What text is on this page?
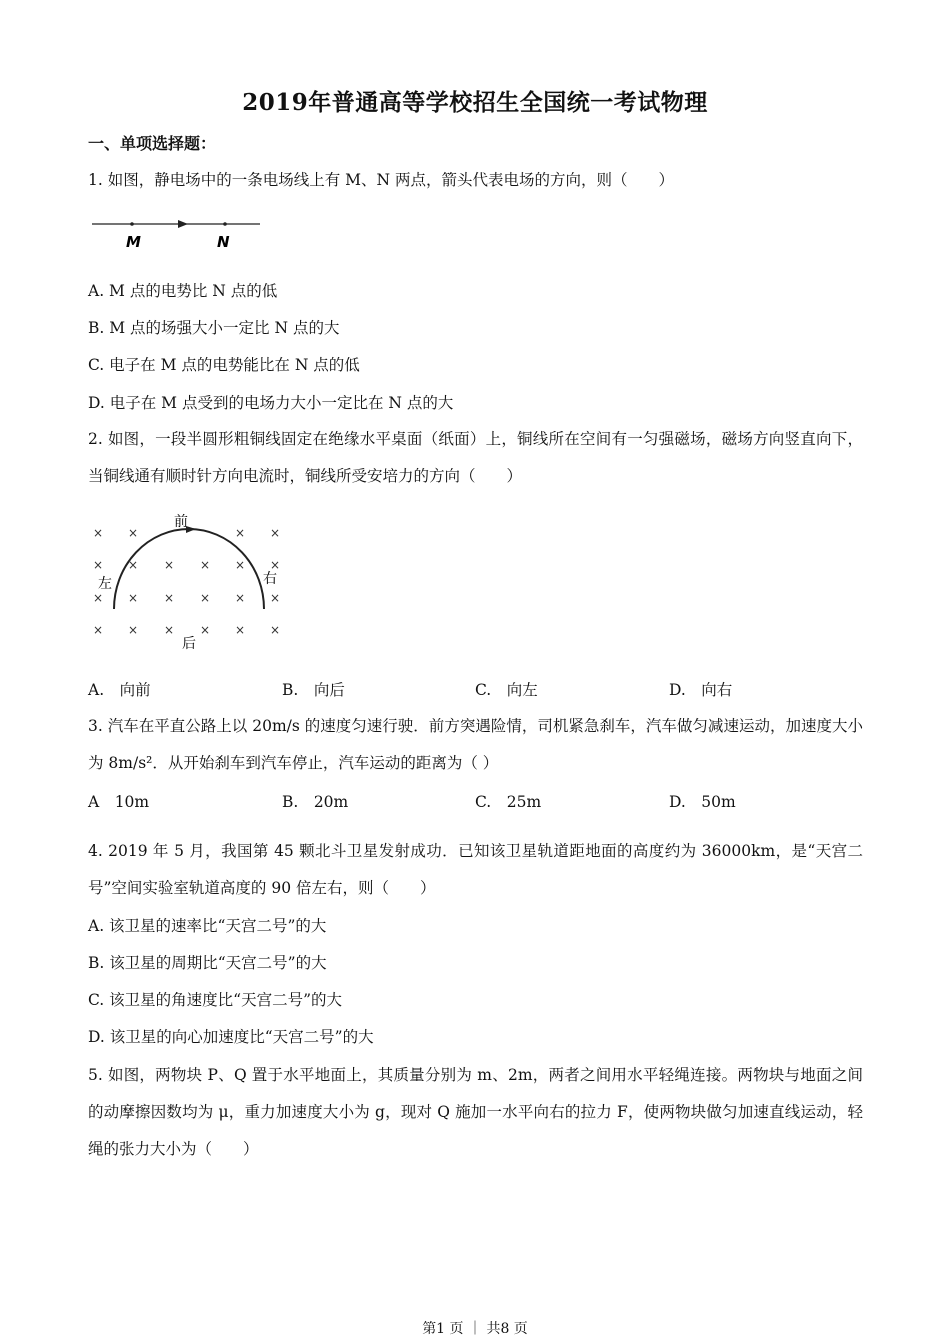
2019年普通高等学校招生全国统一考试物理
一、单项选择题：
1. 如图，静电场中的一条电场线上有 M、N 两点，箭头代表电场的方向，则（　　）
M	N
A. M 点的电势比 N 点的低
B. M 点的场强大小一定比 N 点的大
C. 电子在 M 点的电势能比在 N 点的低
D. 电子在 M 点受到的电场力大小一定比在 N 点的大
2. 如图，一段半圆形粗铜线固定在绝缘水平桌面（纸面）上，铜线所在空间有一匀强磁场，磁场方向竖直向下，当铜线通有顺时针方向电流时，铜线所受安培力的方向（　　）
× ×	× ×
× × × × × ×
× × × × × ×
× × × × × ×
前
左	右
后
A.　向前	B.　向后	C.　向左	D.　向右
3. 汽车在平直公路上以 20m/s 的速度匀速行驶．前方突遇险情，司机紧急刹车，汽车做匀减速运动，加速度大小为 8m/s²．从开始刹车到汽车停止，汽车运动的距离为（ ）
A　10m	B.　20m	C.　25m	D.　50m
4. 2019 年 5 月，我国第 45 颗北斗卫星发射成功．已知该卫星轨道距地面的高度约为 36000km，是“天宫二号”空间实验室轨道高度的 90 倍左右，则（　　）
A. 该卫星的速率比“天宫二号”的大
B. 该卫星的周期比“天宫二号”的大
C. 该卫星的角速度比“天宫二号”的大
D. 该卫星的向心加速度比“天宫二号”的大
5. 如图，两物块 P、Q 置于水平地面上，其质量分别为 m、2m，两者之间用水平轻绳连接。两物块与地面之间的动摩擦因数均为 μ，重力加速度大小为 g，现对 Q 施加一水平向右的拉力 F，使两物块做匀加速直线运动，轻绳的张力大小为（　　）
第1 页 ｜ 共8 页
